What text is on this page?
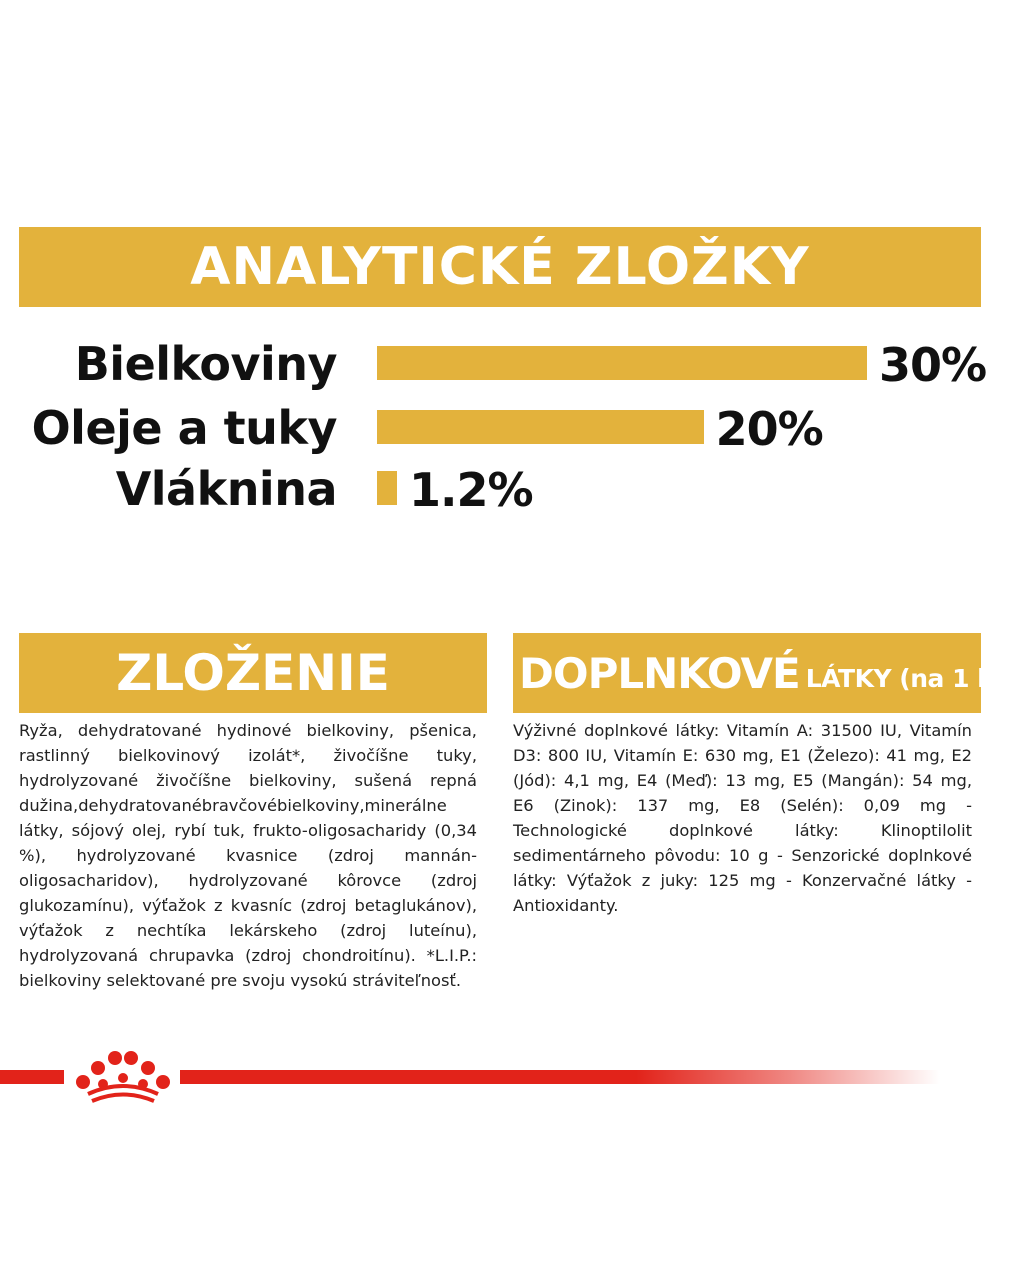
ANALYTICKÉ ZLOŽKY
Bielkoviny	30%
Oleje a tuky	20%
Vláknina 1.2%
ZLOŽENIE
Ryža, dehydratované hydinové bielkoviny, pšenica, rastlinný bielkovinový izolát*, živočíšne tuky, hydrolyzované živočíšne bielkoviny, sušená repná dužina,dehydratovanébravčovébielkoviny,minerálne látky, sójový olej, rybí tuk, frukto-oligosacharidy (0,34 %), hydrolyzované kvasnice (zdroj mannán-oligosacharidov), hydrolyzované kôrovce (zdroj glukozamínu), výťažok z kvasníc (zdroj betaglukánov), výťažok z nechtíka lekárskeho (zdroj luteínu), hydrolyzovaná chrupavka (zdroj chondroitínu). *L.I.P.: bielkoviny selektované pre svoju vysokú stráviteľnosť.
DOPLNKOVÉ LÁTKY (na 1 kg)
Výživné doplnkové látky: Vitamín A: 31500 IU, Vitamín D3: 800 IU, Vitamín E: 630 mg, E1 (Železo): 41 mg, E2 (Jód): 4,1 mg, E4 (Meď): 13 mg, E5 (Mangán): 54 mg, E6 (Zinok): 137 mg, E8 (Selén): 0,09 mg - Technologické doplnkové látky: Klinoptilolit sedimentárneho pôvodu: 10 g - Senzorické doplnkové látky: Výťažok z juky: 125 mg - Konzervačné látky - Antioxidanty.
